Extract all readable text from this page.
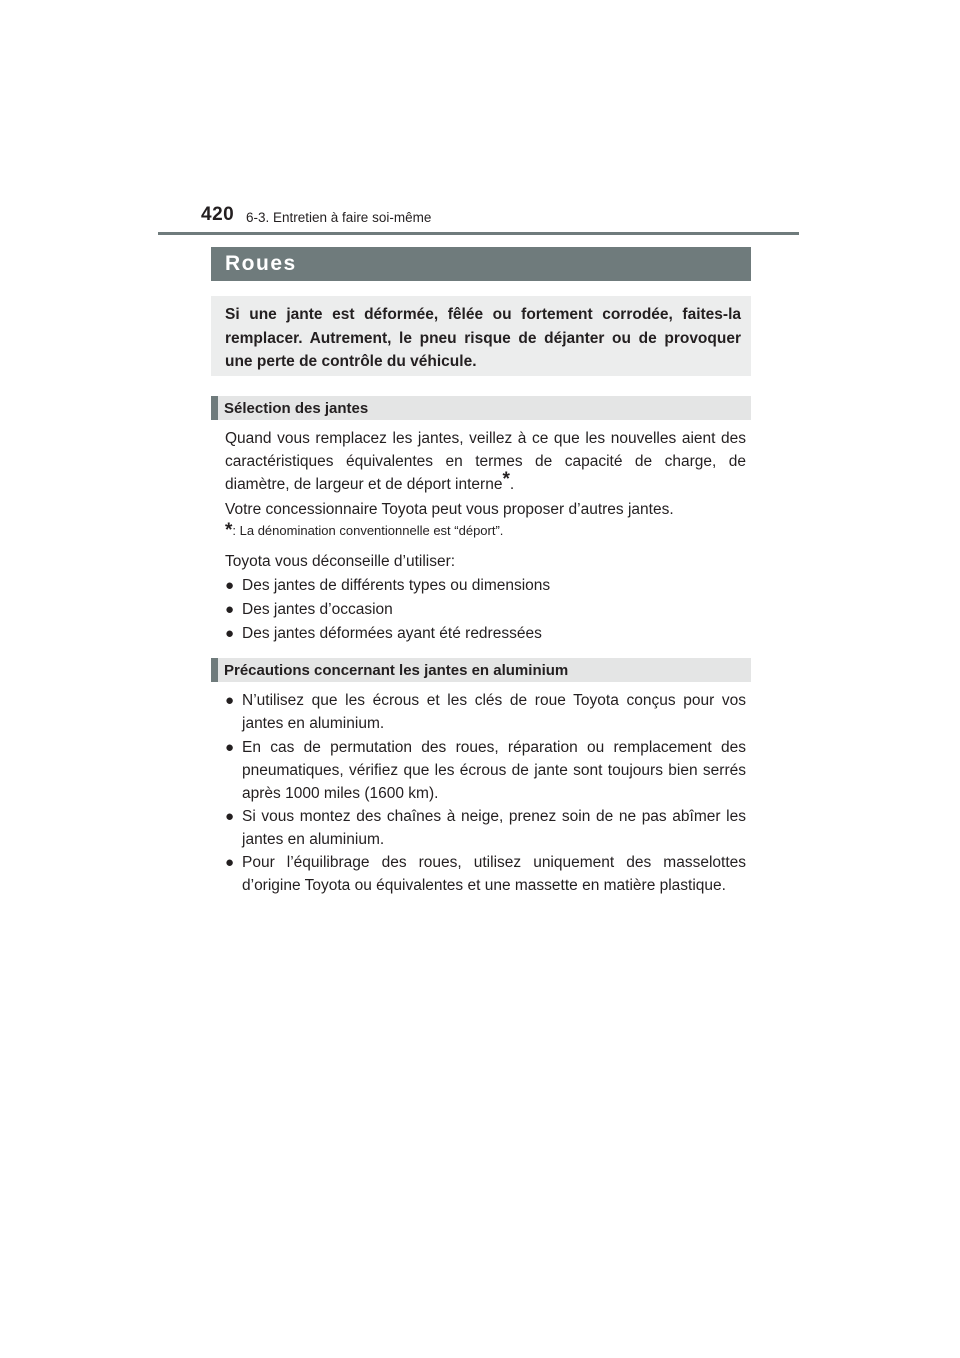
420 6-3. Entretien à faire soi-même
Roues

Si une jante est déformée, fêlée ou fortement corrodée, faites-la remplacer. Autrement, le pneu risque de déjanter ou de provoquer une perte de contrôle du véhicule.

Sélection des jantes

Quand vous remplacez les jantes, veillez à ce que les nouvelles aient des caractéristiques équivalentes en termes de capacité de charge, de diamètre, de largeur et de déport interne*.

Votre concessionnaire Toyota peut vous proposer d’autres jantes.

*: La dénomination conventionnelle est “déport”.
Toyota vous déconseille d’utiliser:
● Des jantes de différents types ou dimensions
● Des jantes d’occasion
● Des jantes déformées ayant été redressées
Précautions concernant les jantes en aluminium
● N’utilisez que les écrous et les clés de roue Toyota conçus pour vos jantes en aluminium.
● En cas de permutation des roues, réparation ou remplacement des pneumatiques, vérifiez que les écrous de jante sont toujours bien serrés après 1000 miles (1600 km).
● Si vous montez des chaînes à neige, prenez soin de ne pas abîmer les jantes en aluminium.
● Pour l’équilibrage des roues, utilisez uniquement des masselottes d’origine Toyota ou équivalentes et une massette en matière plastique.
